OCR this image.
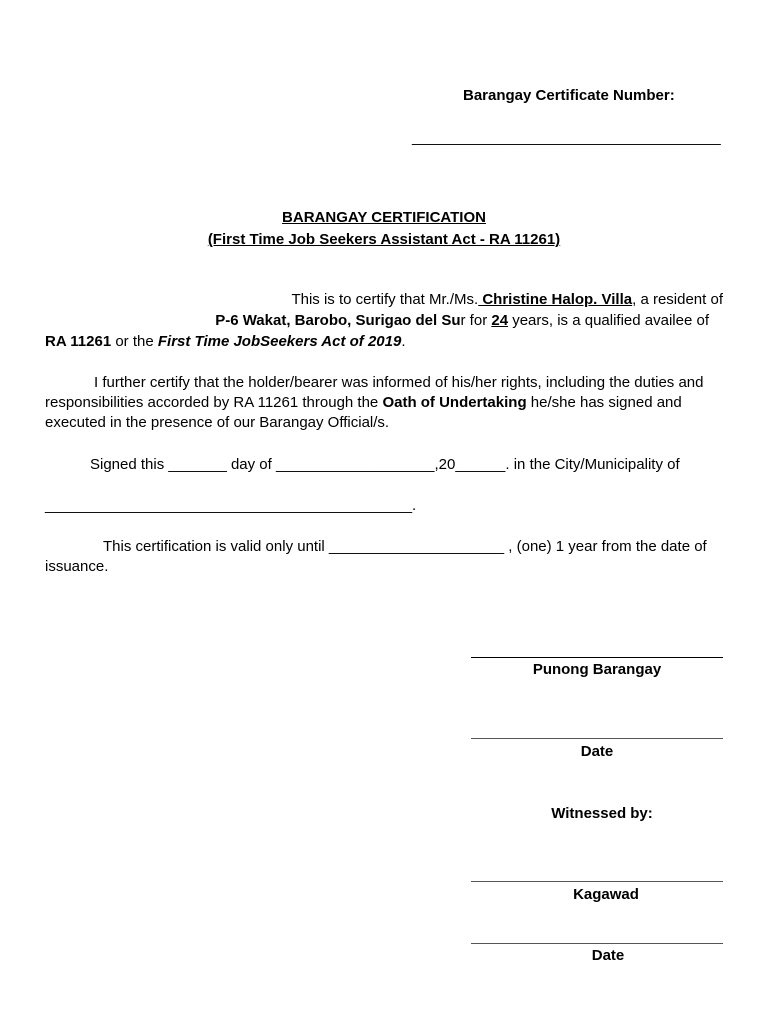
Barangay Certificate Number:
_____________________________________
BARANGAY CERTIFICATION
(First Time Job Seekers Assistant Act - RA 11261)
This is to certify that Mr./Ms. Christine Halop. Villa, a resident of
P-6 Wakat, Barobo, Surigao del Sur for 24 years, is a qualified availee of
RA 11261 or the First Time JobSeekers Act of 2019.
I further certify that the holder/bearer was informed of his/her rights, including the duties and
responsibilities accorded by RA 11261 through the Oath of Undertaking he/she has signed and
executed in the presence of our Barangay Official/s.
Signed this _______ day of ___________________,20______. in the City/Municipality of
____________________________________________.
This certification is valid only until _____________________ , (one) 1 year from the date of
issuance.
Punong Barangay
Date
Witnessed by:
Kagawad
Date
